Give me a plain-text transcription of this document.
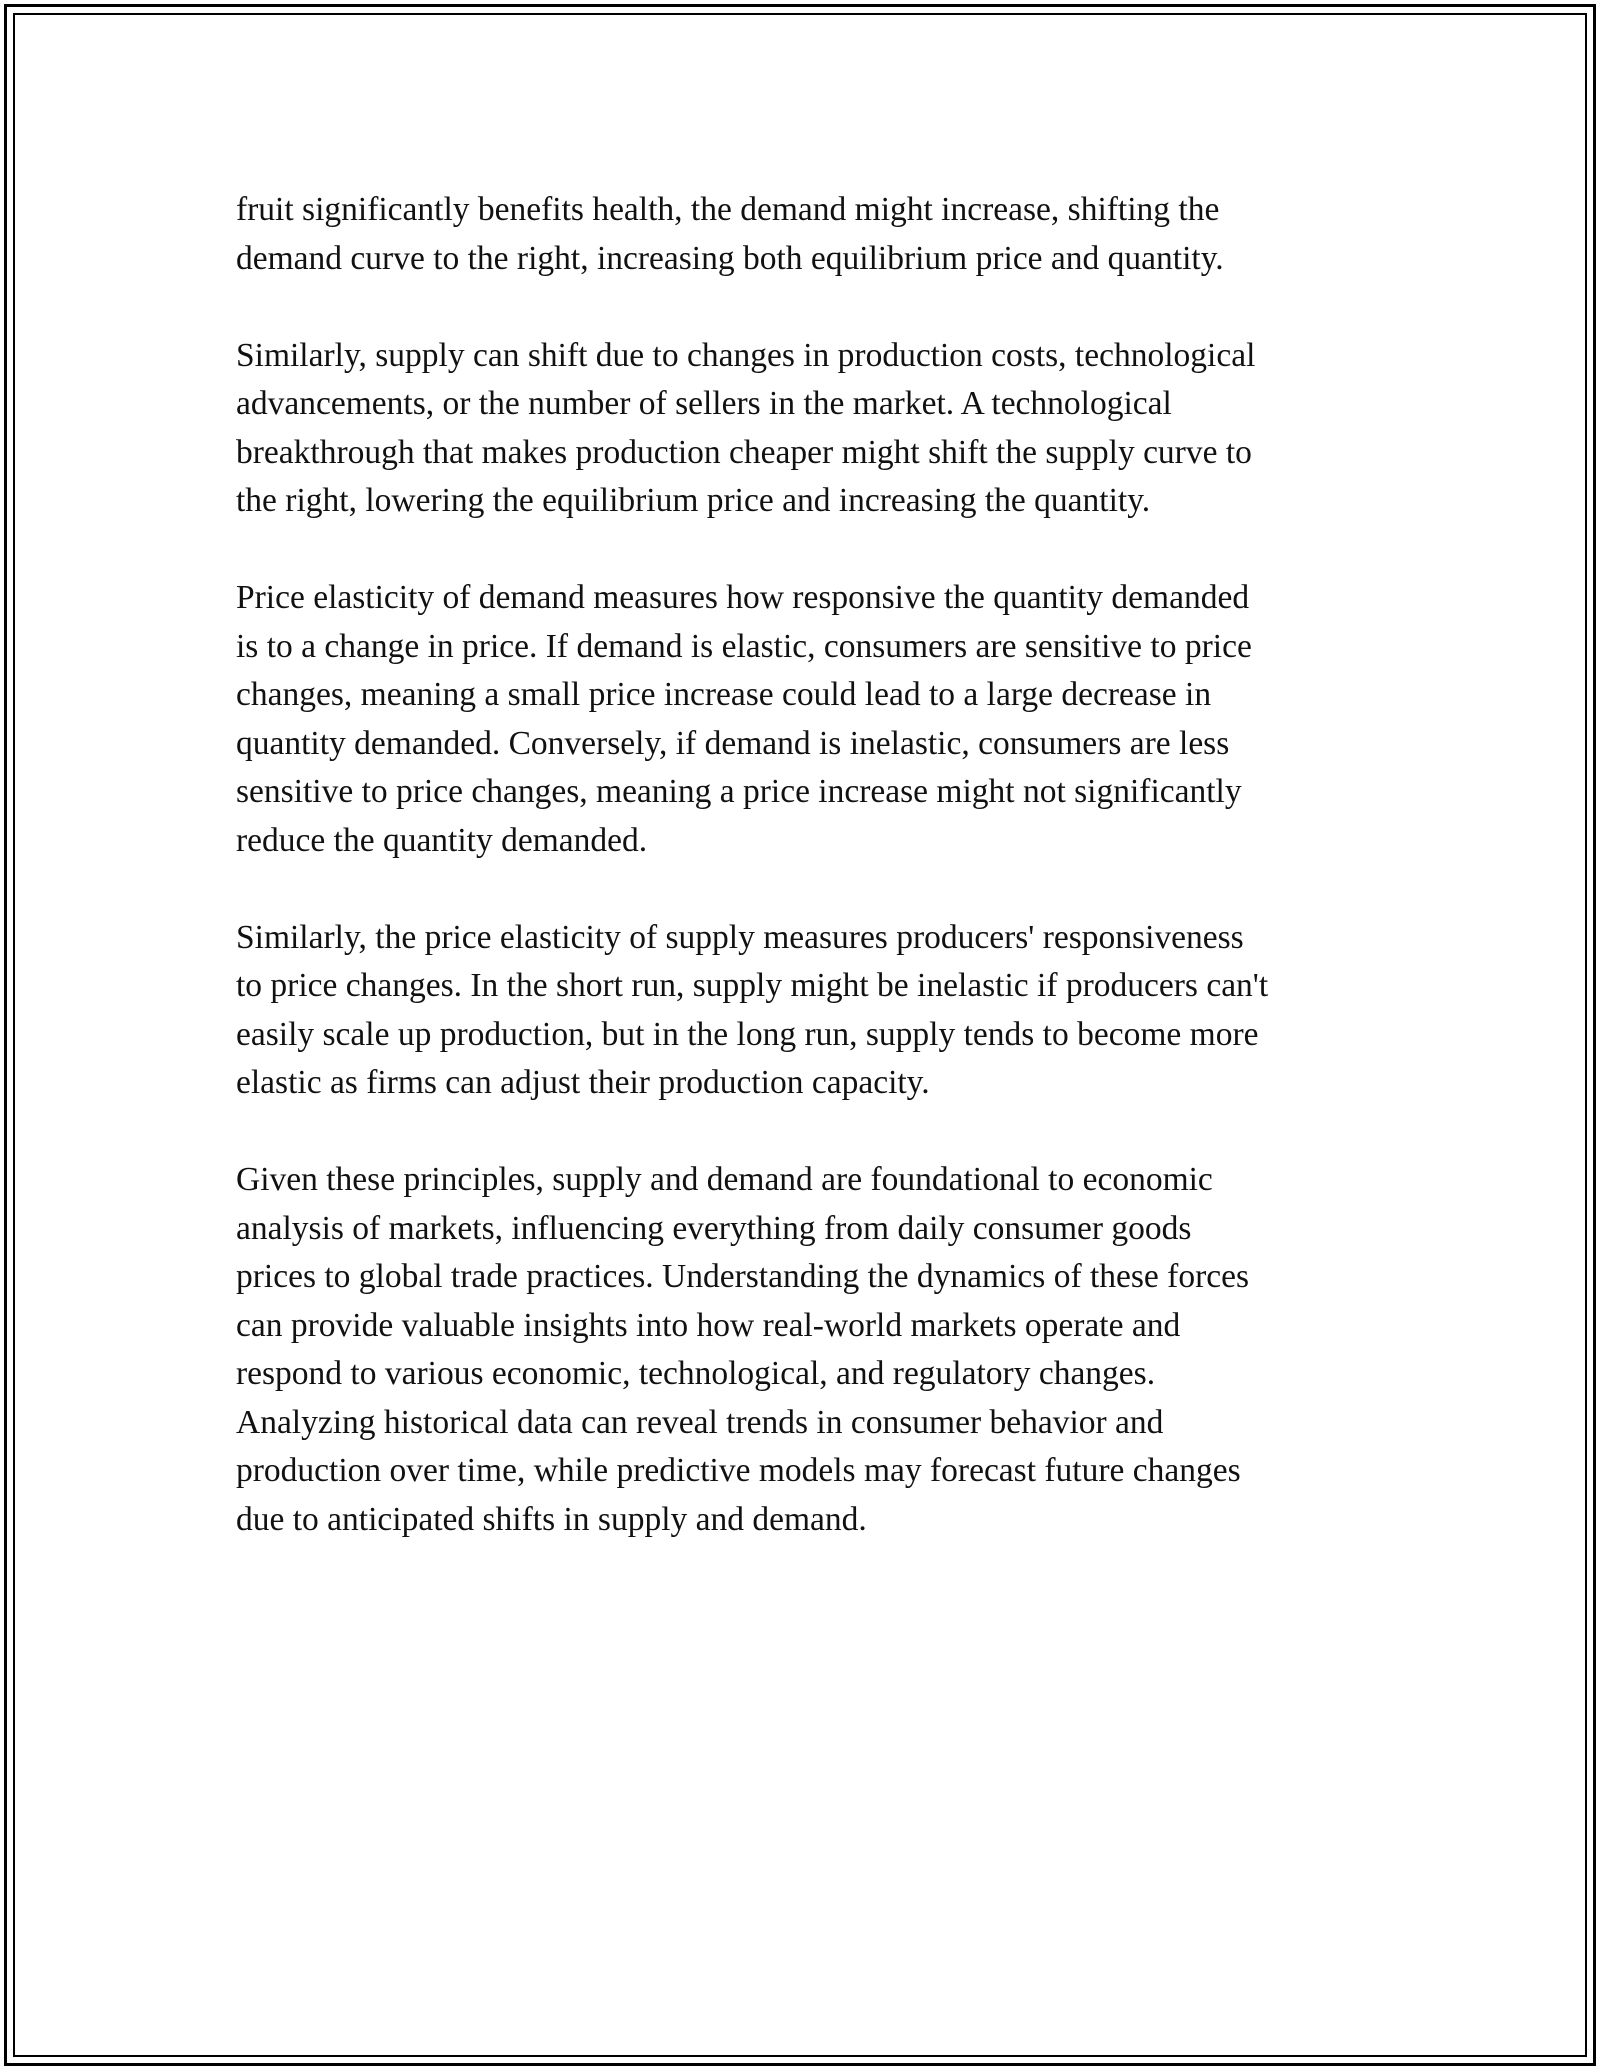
fruit significantly benefits health, the demand might increase, shifting the
demand curve to the right, increasing both equilibrium price and quantity.

Similarly, supply can shift due to changes in production costs, technological
advancements, or the number of sellers in the market. A technological
breakthrough that makes production cheaper might shift the supply curve to
the right, lowering the equilibrium price and increasing the quantity.

Price elasticity of demand measures how responsive the quantity demanded
is to a change in price. If demand is elastic, consumers are sensitive to price
changes, meaning a small price increase could lead to a large decrease in
quantity demanded. Conversely, if demand is inelastic, consumers are less
sensitive to price changes, meaning a price increase might not significantly
reduce the quantity demanded.

Similarly, the price elasticity of supply measures producers' responsiveness
to price changes. In the short run, supply might be inelastic if producers can't
easily scale up production, but in the long run, supply tends to become more
elastic as firms can adjust their production capacity.

Given these principles, supply and demand are foundational to economic
analysis of markets, influencing everything from daily consumer goods
prices to global trade practices. Understanding the dynamics of these forces
can provide valuable insights into how real-world markets operate and
respond to various economic, technological, and regulatory changes.
Analyzing historical data can reveal trends in consumer behavior and
production over time, while predictive models may forecast future changes
due to anticipated shifts in supply and demand.
